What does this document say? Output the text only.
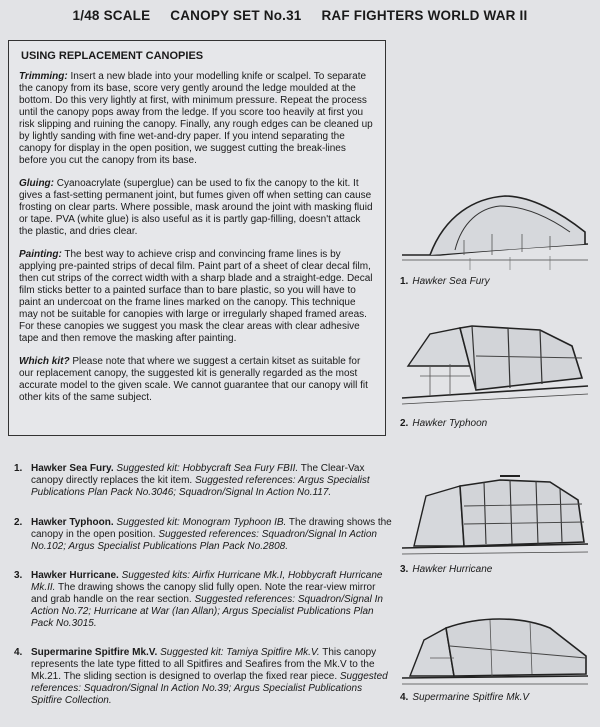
1/48 SCALE CANOPY SET No.31 RAF FIGHTERS WORLD WAR II
USING REPLACEMENT CANOPIES

Trimming: Insert a new blade into your modelling knife or scalpel. To separate the canopy from its base, score very gently around the ledge moulded at the bottom. Do this very lightly at first, with minimum pressure. Repeat the process until the canopy pops away from the ledge. If you score too heavily at first you risk slipping and ruining the canopy. Finally, any rough edges can be cleaned up by lightly sanding with fine wet-and-dry paper. If you intend separating the canopy for display in the open position, we suggest cutting the break-lines before you cut the canopy from its base.

Gluing: Cyanoacrylate (superglue) can be used to fix the canopy to the kit. It gives a fast-setting permanent joint, but fumes given off when setting can cause frosting on clear parts. Where possible, mask around the joint with masking fluid or tape. PVA (white glue) is also useful as it is partly gap-filling, doesn't attack the plastic, and dries clear.

Painting: The best way to achieve crisp and convincing frame lines is by applying pre-painted strips of decal film. Paint part of a sheet of clear decal film, then cut strips of the correct width with a sharp blade and a straight-edge. Decal film sticks better to a painted surface than to bare plastic, so you will have to paint an undercoat on the frame lines marked on the canopy. This technique may not be suitable for canopies with large or irregularly shaped framed areas. For these canopies we suggest you mask the clear areas with clear adhesive tape and then remove the masking after painting.

Which kit? Please note that where we suggest a certain kitset as suitable for our replacement canopy, the suggested kit is generally regarded as the most accurate model to the given scale. We cannot guarantee that our canopy will fit other kits of the same subject.

1. Hawker Sea Fury. Suggested kit: Hobbycraft Sea Fury FBII. The Clear-Vax canopy directly replaces the kit item. Suggested references: Argus Specialist Publications Plan Pack No.3046; Squadron/Signal In Action No.117.
2. Hawker Typhoon. Suggested kit: Monogram Typhoon IB. The drawing shows the canopy in the open position. Suggested references: Squadron/Signal In Action No.102; Argus Specialist Publications Plan Pack No.2808.
3. Hawker Hurricane. Suggested kits: Airfix Hurricane Mk.I, Hobbycraft Hurricane Mk.II. The drawing shows the canopy slid fully open. Note the rear-view mirror and grab handle on the rear section. Suggested references: Squadron/Signal In Action No.72; Hurricane at War (Ian Allan); Argus Specialist Publications Plan Pack No.3015.
4. Supermarine Spitfire Mk.V. Suggested kit: Tamiya Spitfire Mk.V. This canopy represents the late type fitted to all Spitfires and Seafires from the Mk.V to the Mk.21. The sliding section is designed to overlap the fixed rear piece. Suggested references: Squadron/Signal In Action No.39; Argus Specialist Publications Spitfire Collection.
1. Hawker Sea Fury
2. Hawker Typhoon
3. Hawker Hurricane
4. Supermarine Spitfire Mk.V
